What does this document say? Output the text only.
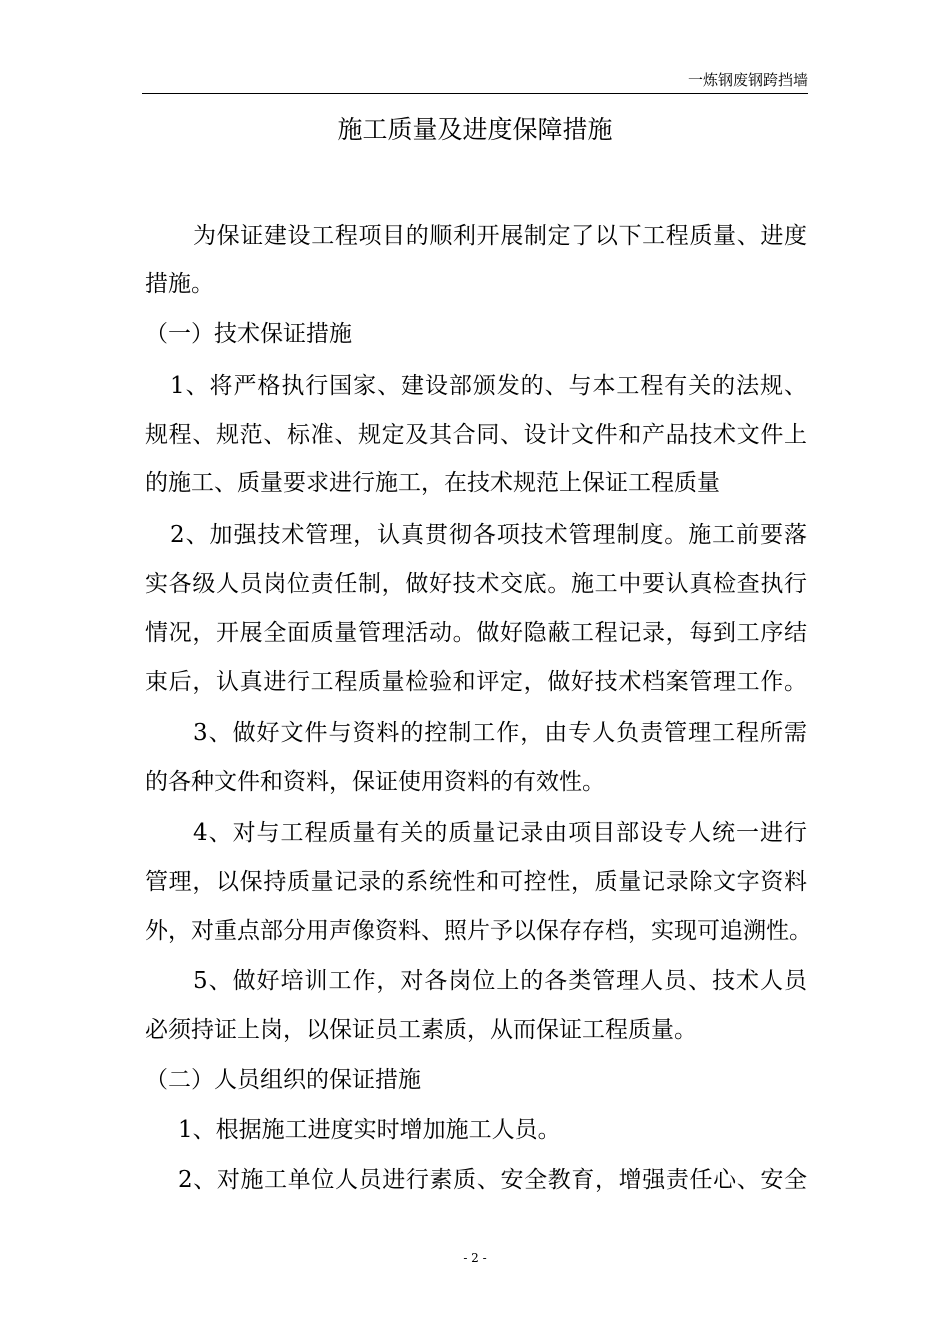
一炼钢废钢跨挡墙
施工质量及进度保障措施
为保证建设工程项目的顺利开展制定了以下工程质量、进度
措施。
（一）技术保证措施
1、将严格执行国家、建设部颁发的、与本工程有关的法规、
规程、规范、标准、规定及其合同、设计文件和产品技术文件上
的施工、质量要求进行施工，在技术规范上保证工程质量
2、加强技术管理，认真贯彻各项技术管理制度。施工前要落
实各级人员岗位责任制，做好技术交底。施工中要认真检查执行
情况，开展全面质量管理活动。做好隐蔽工程记录，每到工序结
束后，认真进行工程质量检验和评定，做好技术档案管理工作。
3、做好文件与资料的控制工作，由专人负责管理工程所需
的各种文件和资料，保证使用资料的有效性。
4、对与工程质量有关的质量记录由项目部设专人统一进行
管理，以保持质量记录的系统性和可控性，质量记录除文字资料
外，对重点部分用声像资料、照片予以保存存档，实现可追溯性。
5、做好培训工作，对各岗位上的各类管理人员、技术人员
必须持证上岗，以保证员工素质，从而保证工程质量。
（二）人员组织的保证措施
1、根据施工进度实时增加施工人员。
2、对施工单位人员进行素质、安全教育，增强责任心、安全
- 2 -
